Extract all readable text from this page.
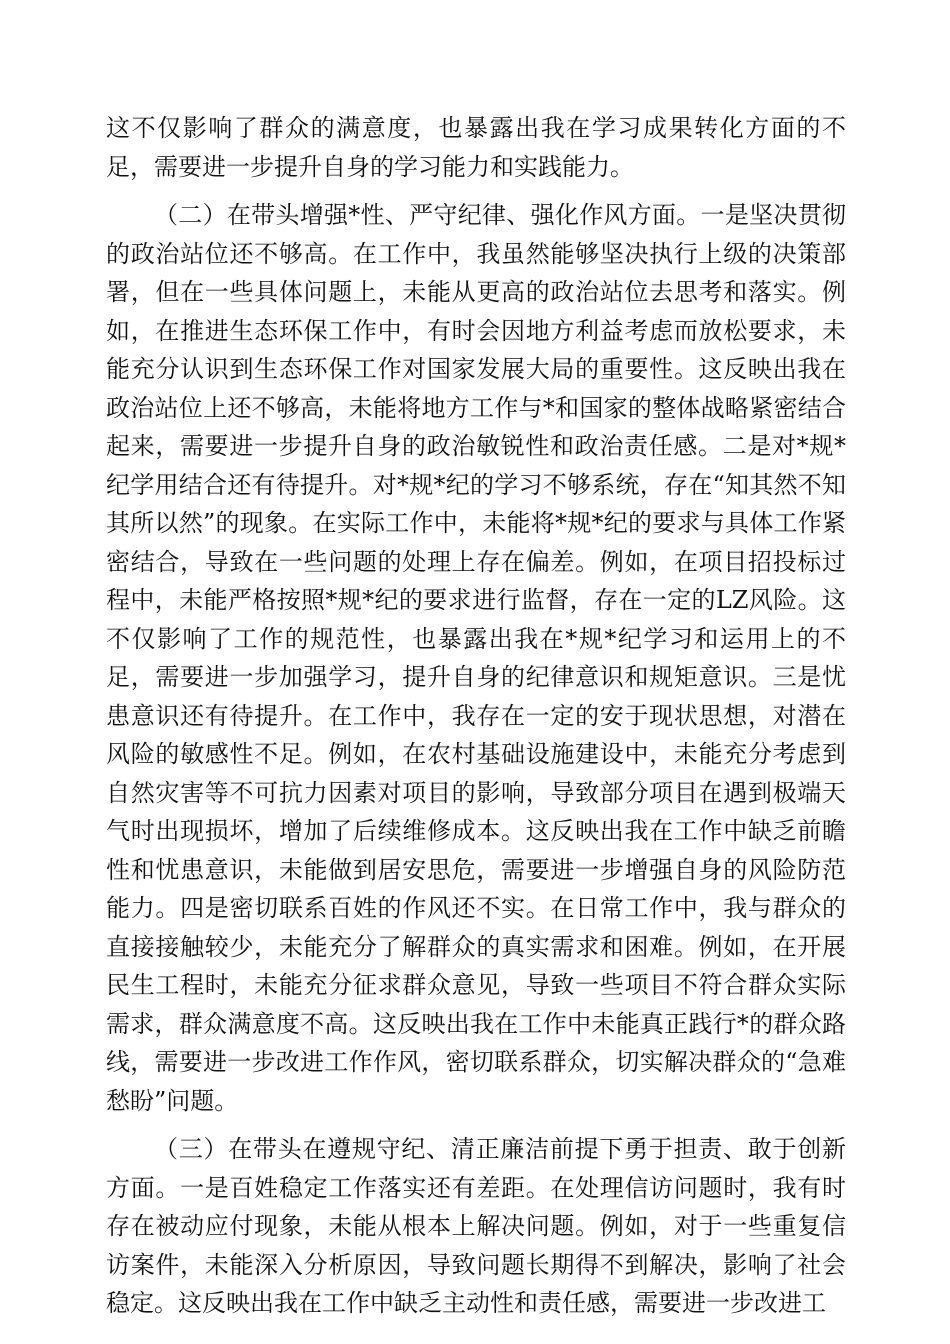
这不仅影响了群众的满意度，也暴露出我在学习成果转化方面的不足，需要进一步提升自身的学习能力和实践能力。

（二）在带头增强*性、严守纪律、强化作风方面。一是坚决贯彻的政治站位还不够高。在工作中，我虽然能够坚决执行上级的决策部署，但在一些具体问题上，未能从更高的政治站位去思考和落实。例如，在推进生态环保工作中，有时会因地方利益考虑而放松要求，未能充分认识到生态环保工作对国家发展大局的重要性。这反映出我在政治站位上还不够高，未能将地方工作与*和国家的整体战略紧密结合起来，需要进一步提升自身的政治敏锐性和政治责任感。二是对*规*纪学用结合还有待提升。对*规*纪的学习不够系统，存在“知其然不知其所以然”的现象。在实际工作中，未能将*规*纪的要求与具体工作紧密结合，导致在一些问题的处理上存在偏差。例如，在项目招投标过程中，未能严格按照*规*纪的要求进行监督，存在一定的LZ风险。这不仅影响了工作的规范性，也暴露出我在*规*纪学习和运用上的不足，需要进一步加强学习，提升自身的纪律意识和规矩意识。三是忧患意识还有待提升。在工作中，我存在一定的安于现状思想，对潜在风险的敏感性不足。例如，在农村基础设施建设中，未能充分考虑到自然灾害等不可抗力因素对项目的影响，导致部分项目在遇到极端天气时出现损坏，增加了后续维修成本。这反映出我在工作中缺乏前瞻性和忧患意识，未能做到居安思危，需要进一步增强自身的风险防范能力。四是密切联系百姓的作风还不实。在日常工作中，我与群众的直接接触较少，未能充分了解群众的真实需求和困难。例如，在开展民生工程时，未能充分征求群众意见，导致一些项目不符合群众实际需求，群众满意度不高。这反映出我在工作中未能真正践行*的群众路线，需要进一步改进工作作风，密切联系群众，切实解决群众的“急难愁盼”问题。

（三）在带头在遵规守纪、清正廉洁前提下勇于担责、敢于创新方面。一是百姓稳定工作落实还有差距。在处理信访问题时，我有时存在被动应付现象，未能从根本上解决问题。例如，对于一些重复信访案件，未能深入分析原因，导致问题长期得不到解决，影响了社会稳定。这反映出我在工作中缺乏主动性和责任感，需要进一步改进工
